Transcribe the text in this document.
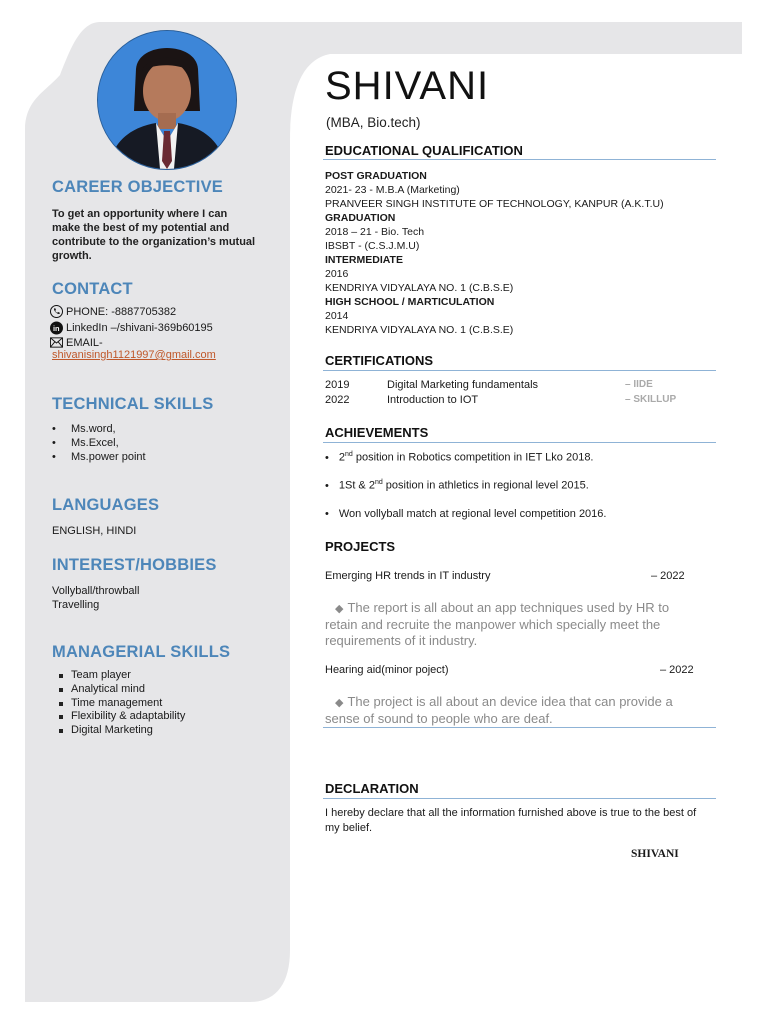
CAREER OBJECTIVE
To get an opportunity where I can make the best of my potential and contribute to the organization’s mutual growth.
CONTACT
PHONE: -8887705382
in LinkedIn –/shivani-369b60195
EMAIL-
shivanisingh1121997@gmail.com
TECHNICAL SKILLS
• Ms.word,
• Ms.Excel,
• Ms.power point
LANGUAGES
ENGLISH, HINDI
INTEREST/HOBBIES
Vollyball/throwball
Travelling
MANAGERIAL SKILLS
Team player
Analytical mind
Time management
Flexibility & adaptability
Digital Marketing
SHIVANI
(MBA, Bio.tech)
EDUCATIONAL QUALIFICATION
POST GRADUATION
2021- 23 - M.B.A (Marketing)
PRANVEER SINGH INSTITUTE OF TECHNOLOGY, KANPUR (A.K.T.U)
GRADUATION
2018 – 21 - Bio. Tech
IBSBT - (C.S.J.M.U)
INTERMEDIATE
2016
KENDRIYA VIDYALAYA NO. 1 (C.B.S.E)
HIGH SCHOOL / MARTICULATION
2014
KENDRIYA VIDYALAYA NO. 1 (C.B.S.E)
CERTIFICATIONS
2019	Digital Marketing fundamentals	– IIDE
2022	Introduction to IOT	– SKILLUP
ACHIEVEMENTS
• 2nd position in Robotics competition in IET Lko 2018.
• 1St & 2nd position in athletics in regional level 2015.
• Won vollyball match at regional level competition 2016.
PROJECTS
Emerging HR trends in IT industry	– 2022
◆ The report is all about an app techniques used by HR to retain and recruite the manpower which specially meet the requirements of it industry.
Hearing aid(minor poject)	– 2022
◆ The project is all about an device idea that can provide a sense of sound to people who are deaf.
DECLARATION
I hereby declare that all the information furnished above is true to the best of my belief.
SHIVANI
